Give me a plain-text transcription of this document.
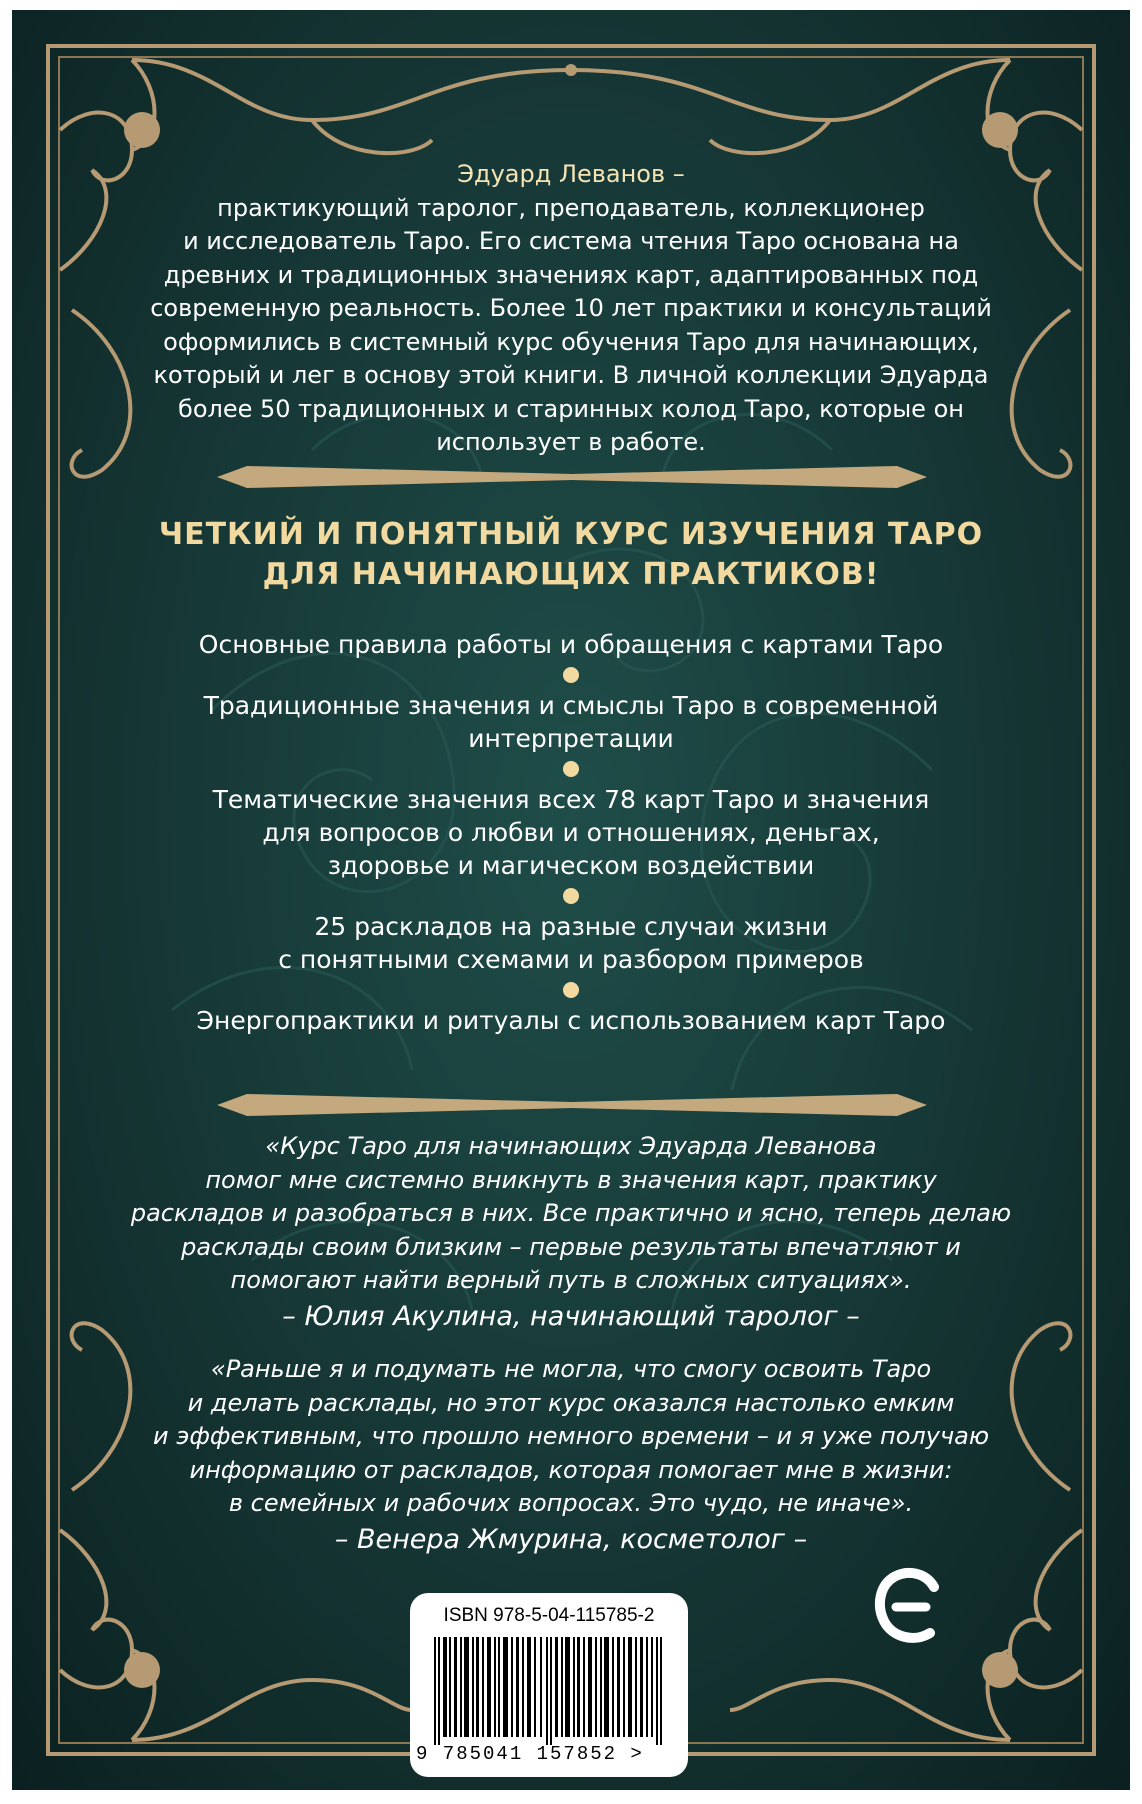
Эдуард Леванов –

практикующий таролог, преподаватель, коллекционер

и исследователь Таро. Его система чтения Таро основана на

древних и традиционных значениях карт, адаптированных под

современную реальность. Более 10 лет практики и консультаций

оформились в системный курс обучения Таро для начинающих,

который и лег в основу этой книги. В личной коллекции Эдуарда

более 50 традиционных и старинных колод Таро, которые он

использует в работе.

ЧЕТКИЙ И ПОНЯТНЫЙ КУРС ИЗУЧЕНИЯ ТАРО

ДЛЯ НАЧИНАЮЩИХ ПРАКТИКОВ!

Основные правила работы и обращения с картами Таро

Традиционные значения и смыслы Таро в современной

интерпретации

Тематические значения всех 78 карт Таро и значения

для вопросов о любви и отношениях, деньгах,

здоровье и магическом воздействии

25 раскладов на разные случаи жизни

с понятными схемами и разбором примеров

Энергопрактики и ритуалы с использованием карт Таро

«Курс Таро для начинающих Эдуарда Леванова

помог мне системно вникнуть в значения карт, практику

раскладов и разобраться в них. Все практично и ясно, теперь делаю

расклады своим близким – первые результаты впечатляют и

помогают найти верный путь в сложных ситуациях».

– Юлия Акулина, начинающий таролог –

«Раньше я и подумать не могла, что смогу освоить Таро

и делать расклады, но этот курс оказался настолько емким

и эффективным, что прошло немного времени – и я уже получаю

информацию от раскладов, которая помогает мне в жизни:

в семейных и рабочих вопросах. Это чудо, не иначе».

– Венера Жмурина, косметолог –

ISBN 978-5-04-115785-2
9 785041 157852 >
